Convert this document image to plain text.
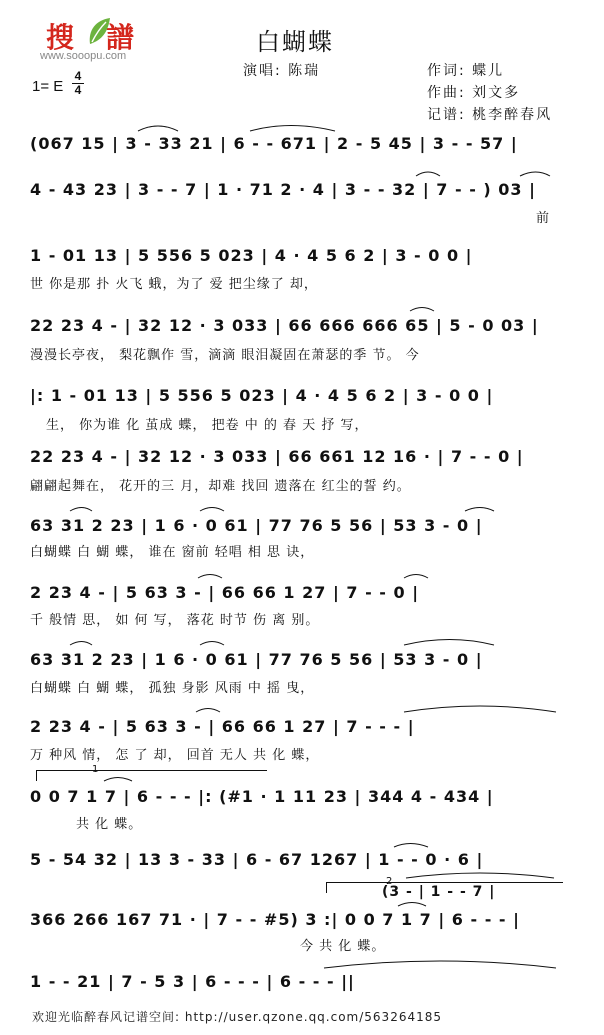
搜 譜
www.sooopu.com	白蝴蝶
演唱: 陈瑞	作词: 蝶儿
作曲: 刘文多
记谱: 桃李醉春风
1= E
4
4
(067 15 | 3 - 33 21 | 6 - - 671 | 2 - 5 45 | 3 - - 57 |
4 - 43 23 | 3 - - 7 | 1 · 71 2 · 4 | 3 - - 32 | 7 - - ) 03 |
前
1 - 01 13 | 5 556 5 023 | 4 · 4 5 6 2 | 3 - 0 0 |
世 你是那 扑 火飞 蛾，为了 爱 把尘缘了 却，
22 23 4 - | 32 12 · 3 033 | 66 666 666 65 | 5 - 0 03 |
漫漫长亭夜， 梨花飘作 雪，滴滴 眼泪凝固在萧瑟的季 节。 今
|: 1 - 01 13 | 5 556 5 023 | 4 · 4 5 6 2 | 3 - 0 0 |
生， 你为谁 化 茧成 蝶， 把卷 中 的 春 天 抒 写，
22 23 4 - | 32 12 · 3 033 | 66 661 12 16 · | 7 - - 0 |
翩翩起舞在， 花开的三 月，却难 找回 遗落在 红尘的誓 约。
63 31 2 23 | 1 6 · 0 61 | 77 76 5 56 | 53 3 - 0 |
白蝴蝶 白 蝴 蝶， 谁在 窗前 轻唱 相 思 诀，
2 23 4 - | 5 63 3 - | 66 66 1 27 | 7 - - 0 |
千 般情 思， 如 何 写， 落花 时节 伤 离 别。
63 31 2 23 | 1 6 · 0 61 | 77 76 5 56 | 53 3 - 0 |
白蝴蝶 白 蝴 蝶， 孤独 身影 风雨 中 摇 曳，
2 23 4 - | 5 63 3 - | 66 66 1 27 | 7 - - - |
万 种风 情， 怎 了 却， 回首 无人 共 化 蝶，
0 0 7 1 7 | 6 - - - |: (#1 · 1 11 23 | 344 4 - 434 |
共 化 蝶。
5 - 54 32 | 13 3 - 33 | 6 - 67 1267 | 1 - - 0 · 6 |
(3 - | 1 - - 7 |
366 266 167 71 · | 7 - - #5) 3 :| 0 0 7 1 7 | 6 - - - |
今 共 化 蝶。
1 - - 21 | 7 - 5 3 | 6 - - - | 6 - - - ||
1
2
欢迎光临醉春风记谱空间: http://user.qzone.qq.com/563264185
